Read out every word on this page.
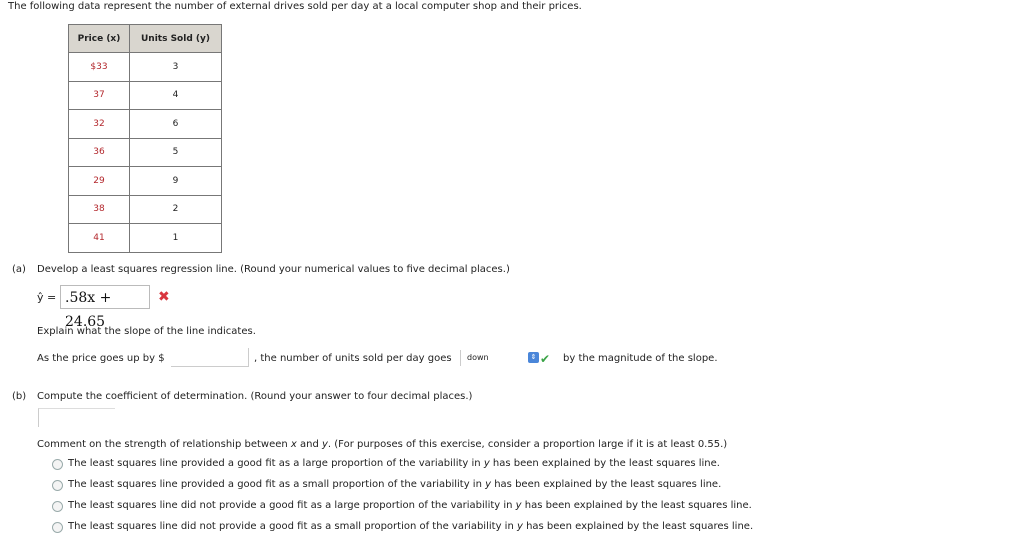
The following data represent the number of external drives sold per day at a local computer shop and their prices.
Price (x)	Units Sold (y)
$33	3
37	4
32	6
36	5
29	9
38	2
41	1
(a) Develop a least squares regression line. (Round your numerical values to five decimal places.)
ŷ = .58x + 24.65
✖
Explain what the slope of the line indicates.
As the price goes up by $	, the number of units sold per day goes down	⇕ ✔ by the magnitude of the slope.
(b) Compute the coefficient of determination. (Round your answer to four decimal places.)
Comment on the strength of relationship between x and y. (For purposes of this exercise, consider a proportion large if it is at least 0.55.)
The least squares line provided a good fit as a large proportion of the variability in y has been explained by the least squares line.
The least squares line provided a good fit as a small proportion of the variability in y has been explained by the least squares line.
The least squares line did not provide a good fit as a large proportion of the variability in y has been explained by the least squares line.
The least squares line did not provide a good fit as a small proportion of the variability in y has been explained by the least squares line.
